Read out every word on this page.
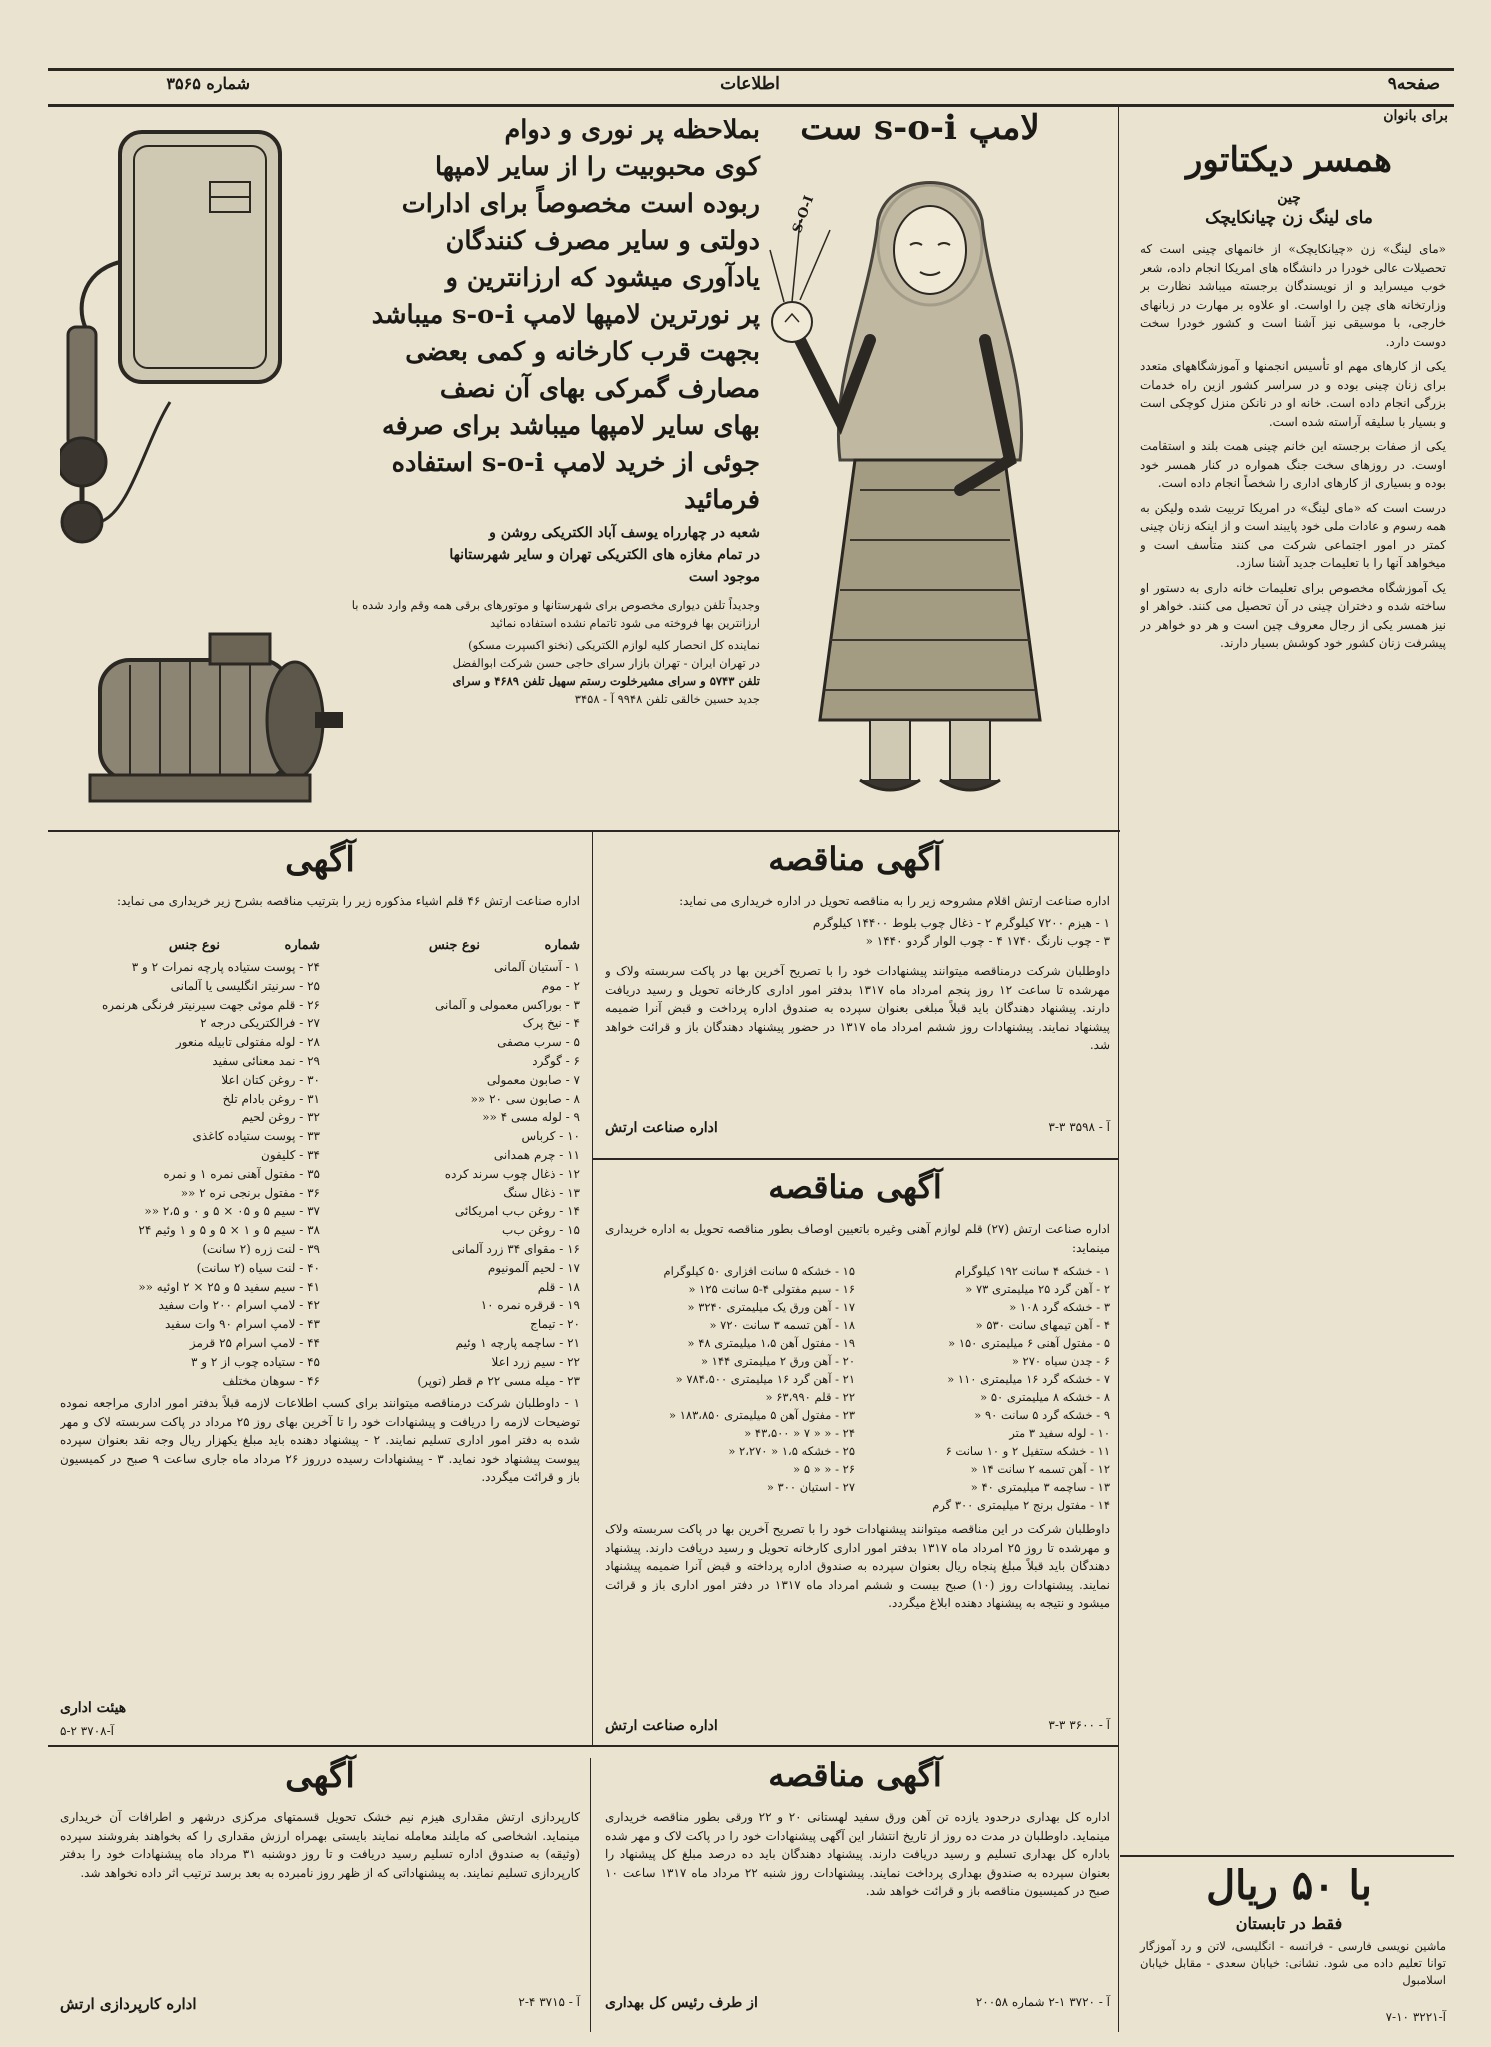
صفحه۹
اطلاعات
شماره ۳۵۶۵
برای بانوان
همسر دیکتاتور
چین
مای لینگ زن چیانکایچک

«مای لینگ» زن «چیانکایچک» از خانمهای چینی است که تحصیلات عالی خودرا در دانشگاه های امریکا انجام داده، شعر خوب میسراید و از نویسندگان برجسته میباشد نظارت بر وزارتخانه های چین را اواست. او علاوه بر مهارت در زبانهای خارجی، با موسیقی نیز آشنا است و کشور خودرا سخت دوست دارد.

یکی از کارهای مهم او تأسیس انجمنها و آموزشگاههای متعدد برای زنان چینی بوده و در سراسر کشور ازین راه خدمات بزرگی انجام داده است. خانه او در نانکن منزل کوچکی است و بسیار با سلیقه آراسته شده است.

یکی از صفات برجسته این خانم چینی همت بلند و استقامت اوست. در روزهای سخت جنگ همواره در کنار همسر خود بوده و بسیاری از کارهای اداری را شخصاً انجام داده است.

درست است که «مای لینگ» در امریکا تربیت شده ولیکن به همه رسوم و عادات ملی خود پایبند است و از اینکه زنان چینی کمتر در امور اجتماعی شرکت می کنند متأسف است و میخواهد آنها را با تعلیمات جدید آشنا سازد.

یک آموزشگاه مخصوص برای تعلیمات خانه داری به دستور او ساخته شده و دختران چینی در آن تحصیل می کنند. خواهر او نیز همسر یکی از رجال معروف چین است و هر دو خواهر در پیشرفت زنان کشور خود کوشش بسیار دارند.

با ۵۰ ریال
فقط در تابستان
ماشین نویسی فارسی - فرانسه - انگلیسی، لاتن و رد آموزگار توانا تعلیم داده می شود. نشانی: خیابان سعدی - مقابل خیابان اسلامبول
آ-۳۲۲۱ ۱۰-۷
S-O-I
لامپ s-o-i ست
بملاحظه پر نوری و دوام
کوی محبوبیت را از سایر لامپها
ربوده است مخصوصاً برای ادارات
دولتی و سایر مصرف کنندگان
یادآوری میشود که ارزانترین و
پر نورترین لامپها لامپ s-o-i میباشد
بجهت قرب کارخانه و کمی بعضی
مصارف گمرکی بهای آن نصف
بهای سایر لامپها میباشد برای صرفه
جوئی از خرید لامپ s-o-i استفاده
فرمائید
شعبه در چهارراه یوسف آباد الکتریکی روشن و
در تمام مغازه های الکتریکی تهران و سایر شهرستانها
موجود است
وجدیداً تلفن دیواری مخصوص برای شهرستانها و موتورهای برقی همه وقم وارد شده با ارزانترین بها فروخته می شود تاتمام نشده استفاده نمائید
نماینده کل انحصار کلیه لوازم الکتریکی (نخنو اکسپرت مسکو)
در تهران ایران - تهران بازار سرای حاجی حسن شرکت ابوالفضل
تلفن ۵۷۴۳ و سرای مشیرخلوت رستم سهیل تلفن ۴۶۸۹ و سرای
جدید حسین خالقی تلفن ۹۹۴۸ آ - ۳۴۵۸
آگهی
اداره صناعت ارتش ۴۶ قلم اشیاء مذکوره زیر را بترتیب مناقصه بشرح زیر خریداری می نماید:
شماره نوع جنس
شماره نوع جنس
۱ - آستیان آلمانی
۲ - موم
۳ - بوراکس معمولی و آلمانی
۴ - نیخ پرک
۵ - سرب مصفی
۶ - گوگرد
۷ - صابون معمولی
۸ - صابون سی ۲۰ ««
۹ - لوله مسی ۴ ««
۱۰ - کرباس
۱۱ - چرم همدانی
۱۲ - ذغال چوب سرند کرده
۱۳ - ذغال سنگ
۱۴ - روغن ب‌ب امریکائی
۱۵ - روغن ب‌ب
۱۶ - مقوای ۳۴ زرد آلمانی
۱۷ - لحیم آلمونیوم
۱۸ - قلم
۱۹ - قرقره نمره ۱۰
۲۰ - تیماج
۲۱ - ساچمه پارچه ۱ وئیم
۲۲ - سیم زرد اعلا
۲۳ - میله مسی ۲۲ م قطر (توپر)
۲۴ - پوست ستیاده پارچه نمرات ۲ و ۳
۲۵ - سرنیتر انگلیسی یا آلمانی
۲۶ - قلم موئی جهت سیرنیتر فرنگی هرنمره
۲۷ - فرالکتریکی درجه ۲
۲۸ - لوله مفتولی تابیله منعور
۲۹ - نمد معنائی سفید
۳۰ - روغن کتان اعلا
۳۱ - روغن بادام تلخ
۳۲ - روغن لحیم
۳۳ - پوست ستیاده کاغذی
۳۴ - کلیفون
۳۵ - مفتول آهنی نمره ۱ و نمره
۳۶ - مفتول برنجی نره ۲ ««
۳۷ - سیم ۵ و ۰۵ × ۵ و ۰ و ۲،۵ ««
۳۸ - سیم ۵ و ۱ × ۵ و ۵ و ۱ وئیم ۲۴
۳۹ - لنت زره (۲ سانت)
۴۰ - لنت سیاه (۲ سانت)
۴۱ - سیم سفید ۵ و ۲۵ × ۲ اوئیه ««
۴۲ - لامپ اسرام ۲۰۰ وات سفید
۴۳ - لامپ اسرام ۹۰ وات سفید
۴۴ - لامپ اسرام ۲۵ قرمز
۴۵ - ستیاده چوب از ۲ و ۳
۴۶ - سوهان مختلف
۱ - داوطلبان شرکت درمناقصه میتوانند برای کسب اطلاعات لازمه قبلاً بدفتر امور اداری مراجعه نموده توضیحات لازمه را دریافت و پیشنهادات خود را تا آخرین بهای روز ۲۵ مرداد در پاکت سربسته لاک و مهر شده به دفتر امور اداری تسلیم نمایند. ۲ - پیشنهاد دهنده باید مبلغ یکهزار ریال وجه نقد بعنوان سپرده پیوست پیشنهاد خود نماید. ۳ - پیشنهادات رسیده درروز ۲۶ مرداد ماه جاری ساعت ۹ صبح در کمیسیون باز و قرائت میگردد.
هیئت اداری
آ-۳۷۰۸ ۲-۵
آگهی مناقصه
اداره صناعت ارتش اقلام مشروحه زیر را به مناقصه تحویل در اداره خریداری می نماید:
۱ - هیزم ۷۲۰۰ کیلوگرم ۲ - ذغال چوب بلوط ۱۴۴۰۰ کیلوگرم
۳ - چوب نارنگ ۱۷۴۰ ۴ - چوب الوار گردو ۱۴۴۰ «
داوطلبان شرکت درمناقصه میتوانند پیشنهادات خود را با تصریح آخرین بها در پاکت سربسته ولاک و مهرشده تا ساعت ۱۲ روز پنجم امرداد ماه ۱۳۱۷ بدفتر امور اداری کارخانه تحویل و رسید دریافت دارند. پیشنهاد دهندگان باید قبلاً مبلغی بعنوان سپرده به صندوق اداره پرداخت و قبض آنرا ضمیمه پیشنهاد نمایند. پیشنهادات روز ششم امرداد ماه ۱۳۱۷ در حضور پیشنهاد دهندگان باز و قرائت خواهد شد.
آ - ۳۵۹۸ ۳-۳
اداره صناعت ارتش
آگهی مناقصه
اداره صناعت ارتش (۲۷) قلم لوازم آهنی وغیره باتعیین اوصاف بطور مناقصه تحویل به اداره خریداری مینماید:
۱ - خشکه ۴ سانت ۱۹۲ کیلوگرام
۲ - آهن گرد ۲۵ میلیمتری ۷۳ «
۳ - خشکه گرد ۱۰۸ «
۴ - آهن تیمهای سانت ۵۳۰ «
۵ - مفتول آهنی ۶ میلیمتری ۱۵۰ «
۶ - چدن سیاه ۲۷۰ «
۷ - خشکه گرد ۱۶ میلیمتری ۱۱۰ «
۸ - خشکه ۸ میلیمتری ۵۰ «
۹ - خشکه گرد ۵ سانت ۹۰ «
۱۰ - لوله سفید ۳ متر
۱۱ - خشکه ستفیل ۲ و ۱۰ سانت ۶
۱۲ - آهن تسمه ۲ سانت ۱۴ «
۱۳ - ساچمه ۳ میلیمتری ۴۰ «
۱۴ - مفتول برنج ۲ میلیمتری ۳۰۰ گرم
۱۵ - خشکه ۵ سانت افزاری ۵۰ کیلوگرام
۱۶ - سیم مفتولی ۴-۵ سانت ۱۲۵ «
۱۷ - آهن ورق یک میلیمتری ۳۲۴۰ «
۱۸ - آهن تسمه ۳ سانت ۷۲۰ «
۱۹ - مفتول آهن ۱،۵ میلیمتری ۴۸ «
۲۰ - آهن ورق ۲ میلیمتری ۱۴۴ «
۲۱ - آهن گرد ۱۶ میلیمتری ۷۸۴،۵۰۰ «
۲۲ - قلم ۶۳،۹۹۰ «
۲۳ - مفتول آهن ۵ میلیمتری ۱۸۳،۸۵۰ «
۲۴ - « « ۷ « ۴۳،۵۰۰ «
۲۵ - خشکه ۱،۵ « ۲،۲۷۰ «
۲۶ - « « ۵ «
۲۷ - استیان ۳۰۰ «
داوطلبان شرکت در این مناقصه میتوانند پیشنهادات خود را با تصریح آخرین بها در پاکت سربسته ولاک و مهرشده تا روز ۲۵ امرداد ماه ۱۳۱۷ بدفتر امور اداری کارخانه تحویل و رسید دریافت دارند. پیشنهاد دهندگان باید قبلاً مبلغ پنجاه ریال بعنوان سپرده به صندوق اداره پرداخته و قبض آنرا ضمیمه پیشنهاد نمایند. پیشنهادات روز (۱۰) صبح بیست و ششم امرداد ماه ۱۳۱۷ در دفتر امور اداری باز و قرائت میشود و نتیجه به پیشنهاد دهنده ابلاغ میگردد.
آ - ۳۶۰۰ ۳-۳
اداره صناعت ارتش
آگهی
کارپردازی ارتش مقداری هیزم نیم خشک تحویل قسمتهای مرکزی درشهر و اطرافات آن خریداری مینماید. اشخاصی که مایلند معامله نمایند بایستی بهمراه ارزش مقداری را که بخواهند بفروشند سپرده (وثیقه) به صندوق اداره تسلیم رسید دریافت و تا روز دوشنبه ۳۱ مرداد ماه پیشنهادات خود را بدفتر کارپردازی تسلیم نمایند. به پیشنهاداتی که از ظهر روز نامبرده به بعد برسد ترتیب اثر داده نخواهد شد.
آ - ۳۷۱۵ ۴-۲
اداره کارپردازی ارتش
آگهی مناقصه
اداره کل بهداری درحدود یازده تن آهن ورق سفید لهستانی ۲۰ و ۲۲ ورقی بطور مناقصه خریداری مینماید. داوطلبان در مدت ده روز از تاریخ انتشار این آگهی پیشنهادات خود را در پاکت لاک و مهر شده باداره کل بهداری تسلیم و رسید دریافت دارند. پیشنهاد دهندگان باید ده درصد مبلغ کل پیشنهاد را بعنوان سپرده به صندوق بهداری پرداخت نمایند. پیشنهادات روز شنبه ۲۲ مرداد ماه ۱۳۱۷ ساعت ۱۰ صبح در کمیسیون مناقصه باز و قرائت خواهد شد.
آ - ۳۷۲۰ ۱-۲ شماره ۲۰۰۵۸
از طرف رئیس کل بهداری
